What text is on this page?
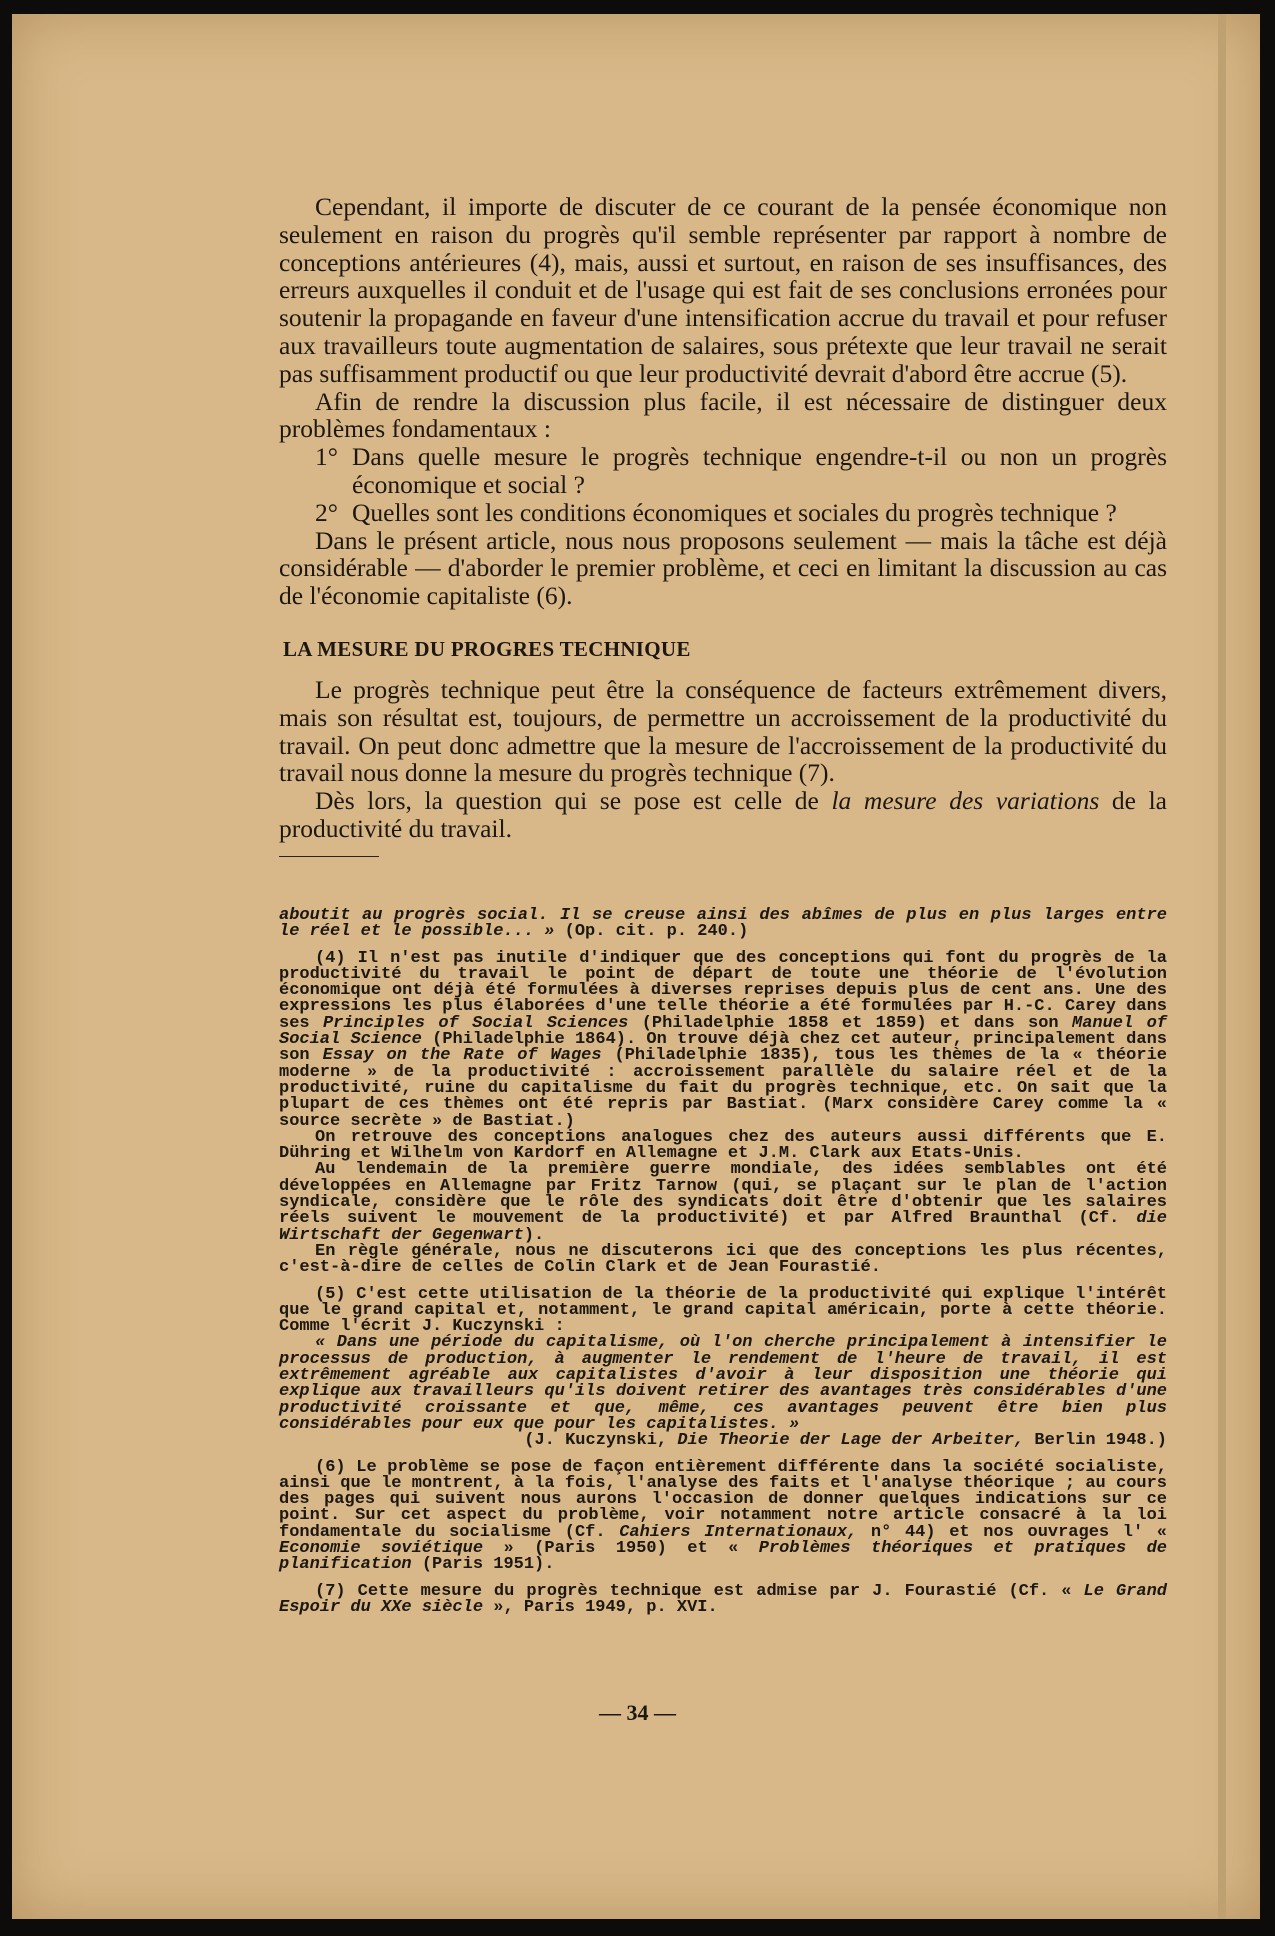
Cependant, il importe de discuter de ce courant de la pensée économique non seulement en raison du progrès qu'il semble représenter par rapport à nombre de conceptions antérieures (4), mais, aussi et surtout, en raison de ses insuffisances, des erreurs auxquelles il conduit et de l'usage qui est fait de ses conclusions erronées pour soutenir la propagande en faveur d'une intensification accrue du travail et pour refuser aux travailleurs toute augmentation de salaires, sous prétexte que leur travail ne serait pas suffisamment productif ou que leur productivité devrait d'abord être accrue (5).

Afin de rendre la discussion plus facile, il est nécessaire de distinguer deux problèmes fondamentaux :

1° Dans quelle mesure le progrès technique engendre-t-il ou non un progrès économique et social ?

2° Quelles sont les conditions économiques et sociales du progrès technique ?

Dans le présent article, nous nous proposons seulement — mais la tâche est déjà considérable — d'aborder le premier problème, et ceci en limitant la discussion au cas de l'économie capitaliste (6).

LA MESURE DU PROGRES TECHNIQUE

Le progrès technique peut être la conséquence de facteurs extrêmement divers, mais son résultat est, toujours, de permettre un accroissement de la productivité du travail. On peut donc admettre que la mesure de l'accroissement de la productivité du travail nous donne la mesure du progrès technique (7).

Dès lors, la question qui se pose est celle de la mesure des variations de la productivité du travail.

aboutit au progrès social. Il se creuse ainsi des abîmes de plus en plus larges entre le réel et le possible... » (Op. cit. p. 240.)

(4) Il n'est pas inutile d'indiquer que des conceptions qui font du progrès de la productivité du travail le point de départ de toute une théorie de l'évolution économique ont déjà été formulées à diverses reprises depuis plus de cent ans. Une des expressions les plus élaborées d'une telle théorie a été formulées par H.-C. Carey dans ses Principles of Social Sciences (Philadelphie 1858 et 1859) et dans son Manuel of Social Science (Philadelphie 1864). On trouve déjà chez cet auteur, principalement dans son Essay on the Rate of Wages (Philadelphie 1835), tous les thèmes de la « théorie moderne » de la productivité : accroissement parallèle du salaire réel et de la productivité, ruine du capitalisme du fait du progrès technique, etc. On sait que la plupart de ces thèmes ont été repris par Bastiat. (Marx considère Carey comme la « source secrète » de Bastiat.)

On retrouve des conceptions analogues chez des auteurs aussi différents que E. Dühring et Wilhelm von Kardorf en Allemagne et J.M. Clark aux Etats-Unis.

Au lendemain de la première guerre mondiale, des idées semblables ont été développées en Allemagne par Fritz Tarnow (qui, se plaçant sur le plan de l'action syndicale, considère que le rôle des syndicats doit être d'obtenir que les salaires réels suivent le mouvement de la productivité) et par Alfred Braunthal (Cf. die Wirtschaft der Gegenwart).

En règle générale, nous ne discuterons ici que des conceptions les plus récentes, c'est-à-dire de celles de Colin Clark et de Jean Fourastié.

(5) C'est cette utilisation de la théorie de la productivité qui explique l'intérêt que le grand capital et, notamment, le grand capital américain, porte à cette théorie. Comme l'écrit J. Kuczynski :

« Dans une période du capitalisme, où l'on cherche principalement à intensifier le processus de production, à augmenter le rendement de l'heure de travail, il est extrêmement agréable aux capitalistes d'avoir à leur disposition une théorie qui explique aux travailleurs qu'ils doivent retirer des avantages très considérables d'une productivité croissante et que, même, ces avantages peuvent être bien plus considérables pour eux que pour les capitalistes. »

(J. Kuczynski, Die Theorie der Lage der Arbeiter, Berlin 1948.)

(6) Le problème se pose de façon entièrement différente dans la société socialiste, ainsi que le montrent, à la fois, l'analyse des faits et l'analyse théorique ; au cours des pages qui suivent nous aurons l'occasion de donner quelques indications sur ce point. Sur cet aspect du problème, voir notamment notre article consacré à la loi fondamentale du socialisme (Cf. Cahiers Internationaux, n° 44) et nos ouvrages l' « Economie soviétique » (Paris 1950) et « Problèmes théoriques et pratiques de planification (Paris 1951).

(7) Cette mesure du progrès technique est admise par J. Fourastié (Cf. « Le Grand Espoir du XXe siècle », Paris 1949, p. XVI.

— 34 —
